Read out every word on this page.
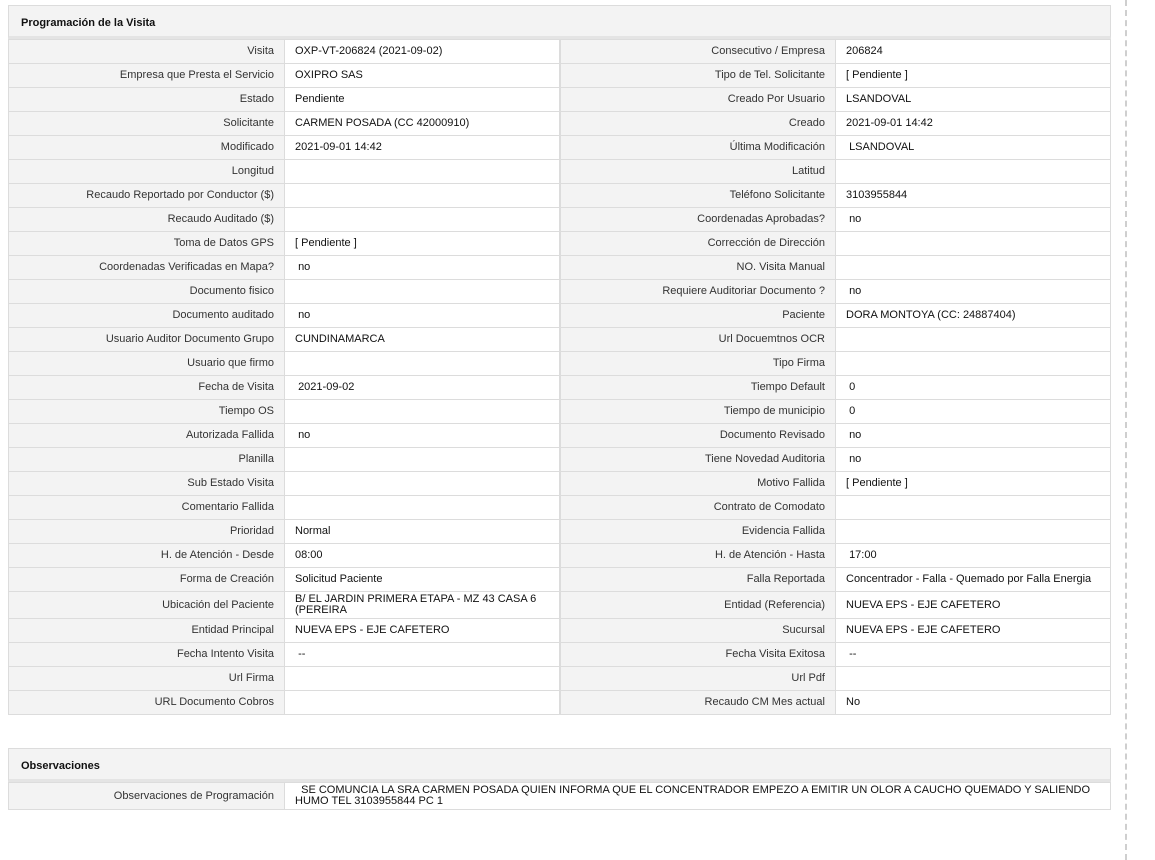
Programación de la Visita
Visita	OXP-VT-206824 (2021-09-02)	Consecutivo / Empresa	206824

Empresa que Presta el Servicio	OXIPRO SAS	Tipo de Tel. Solicitante	[ Pendiente ]

Estado	Pendiente	Creado Por Usuario	LSANDOVAL

Solicitante	CARMEN POSADA (CC 42000910)	Creado	2021-09-01 14:42

Modificado	2021-09-01 14:42	Última Modificación	LSANDOVAL

Longitud		Latitud	

Recaudo Reportado por Conductor ($)		Teléfono Solicitante	3103955844

Recaudo Auditado ($)		Coordenadas Aprobadas?	no

Toma de Datos GPS	[ Pendiente ]	Corrección de Dirección	

Coordenadas Verificadas en Mapa?	no	NO. Visita Manual	

Documento fisico		Requiere Auditoriar Documento ?	no

Documento auditado	no	Paciente	DORA MONTOYA (CC: 24887404)

Usuario Auditor Documento Grupo	CUNDINAMARCA	Url Docuemtnos OCR	

Usuario que firmo		Tipo Firma	

Fecha de Visita	2021-09-02	Tiempo Default	0

Tiempo OS		Tiempo de municipio	0

Autorizada Fallida	no	Documento Revisado	no

Planilla		Tiene Novedad Auditoria	no

Sub Estado Visita		Motivo Fallida	[ Pendiente ]

Comentario Fallida		Contrato de Comodato	

Prioridad	Normal	Evidencia Fallida	

H. de Atención - Desde	08:00	H. de Atención - Hasta	17:00

Forma de Creación	Solicitud Paciente	Falla Reportada	Concentrador - Falla - Quemado por Falla Energia

Ubicación del Paciente	B/ EL JARDIN PRIMERA ETAPA - MZ 43 CASA 6 (PEREIRA	Entidad (Referencia)	NUEVA EPS - EJE CAFETERO

Entidad Principal	NUEVA EPS - EJE CAFETERO	Sucursal	NUEVA EPS - EJE CAFETERO

Fecha Intento Visita	--	Fecha Visita Exitosa	--

Url Firma		Url Pdf	

URL Documento Cobros		Recaudo CM Mes actual	No
Observaciones
Observaciones de Programación	SE COMUNCIA LA SRA CARMEN POSADA QUIEN INFORMA QUE EL CONCENTRADOR EMPEZO A EMITIR UN OLOR A CAUCHO QUEMADO Y SALIENDO HUMO TEL 3103955844 PC 1
